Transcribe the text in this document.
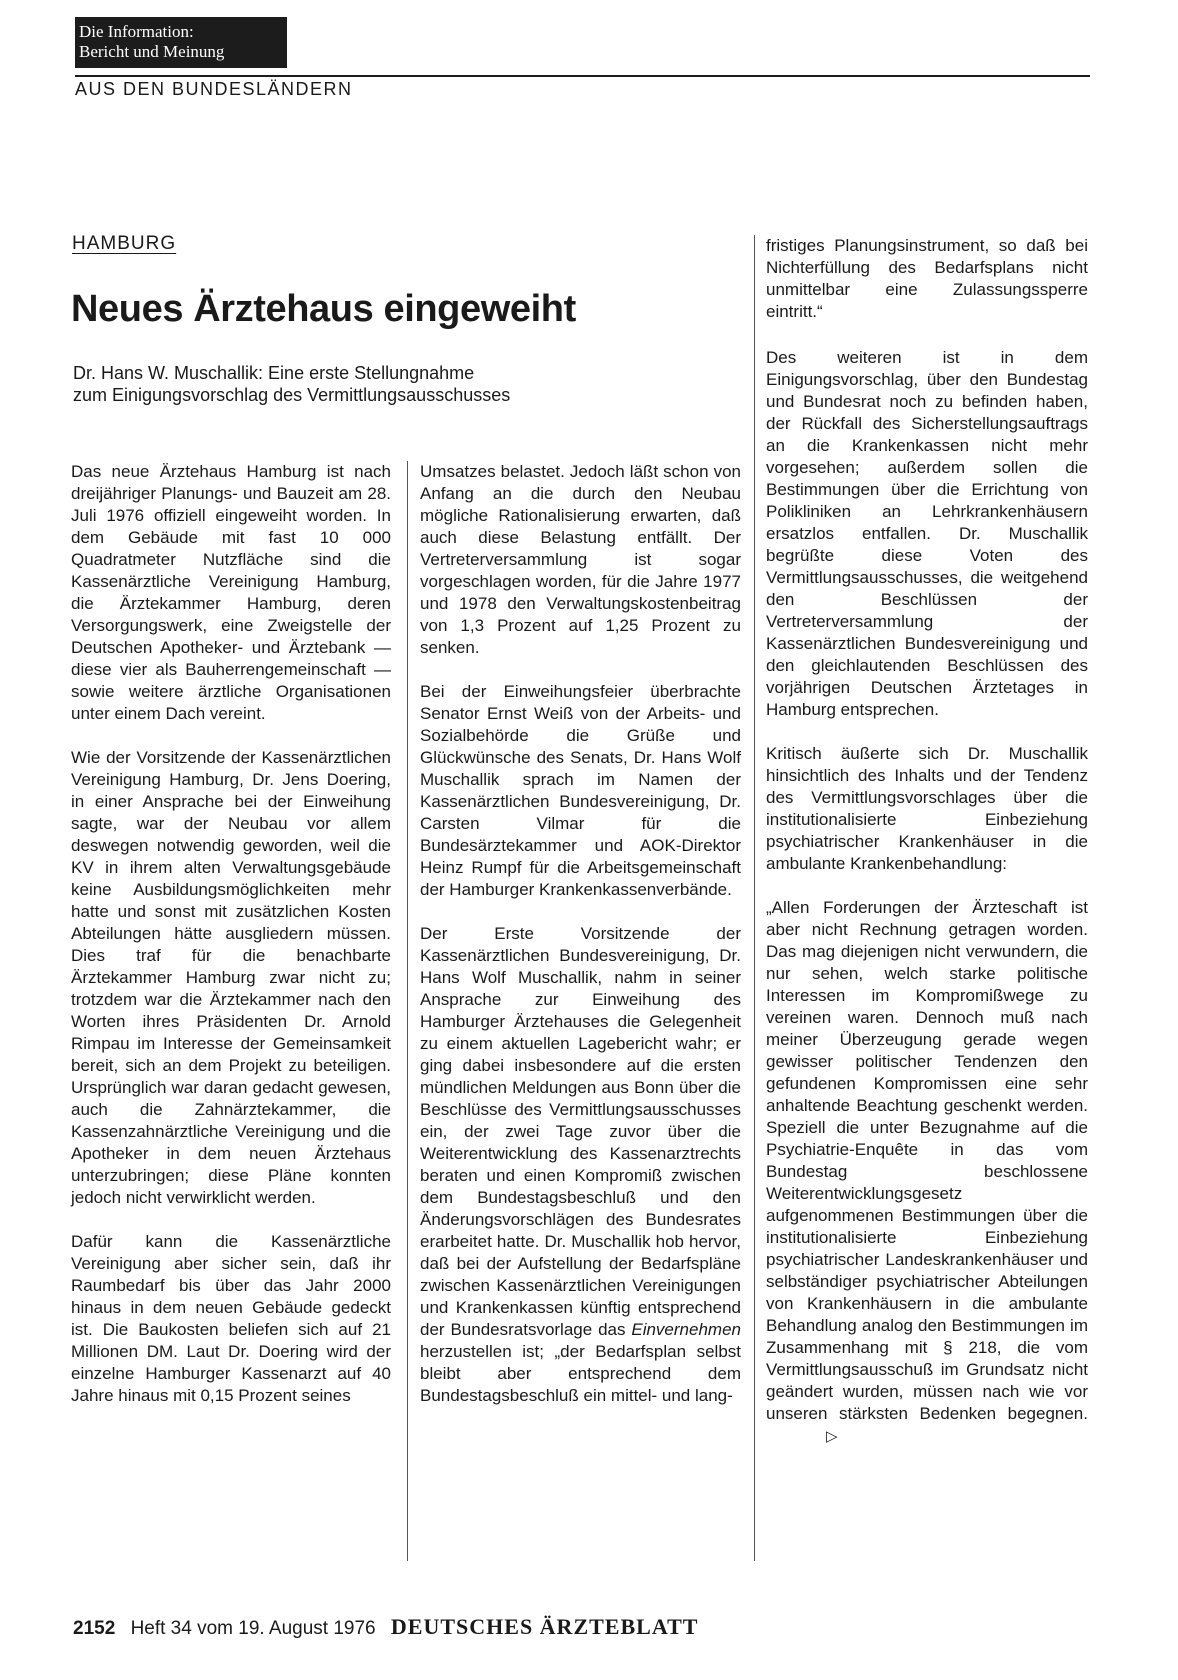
Die Information:
Bericht und Meinung
AUS DEN BUNDESLÄNDERN
HAMBURG
Neues Ärztehaus eingeweiht
Dr. Hans W. Muschallik: Eine erste Stellungnahme
zum Einigungsvorschlag des Vermittlungsausschusses

Das neue Ärztehaus Hamburg ist nach dreijähriger Planungs- und Bauzeit am 28. Juli 1976 offiziell eingeweiht worden. In dem Gebäude mit fast 10 000 Quadratmeter Nutzfläche sind die Kassenärztliche Vereinigung Hamburg, die Ärztekammer Hamburg, deren Versorgungswerk, eine Zweigstelle der Deutschen Apotheker- und Ärztebank — diese vier als Bauherrengemeinschaft — sowie weitere ärztliche Organisationen unter einem Dach vereint.

Wie der Vorsitzende der Kassenärztlichen Vereinigung Hamburg, Dr. Jens Doering, in einer Ansprache bei der Einweihung sagte, war der Neubau vor allem deswegen notwendig geworden, weil die KV in ihrem alten Verwaltungsgebäude keine Ausbildungsmöglichkeiten mehr hatte und sonst mit zusätzlichen Kosten Abteilungen hätte ausgliedern müssen. Dies traf für die benachbarte Ärztekammer Hamburg zwar nicht zu; trotzdem war die Ärztekammer nach den Worten ihres Präsidenten Dr. Arnold Rimpau im Interesse der Gemeinsamkeit bereit, sich an dem Projekt zu beteiligen. Ursprünglich war daran gedacht gewesen, auch die Zahnärztekammer, die Kassenzahnärztliche Vereinigung und die Apotheker in dem neuen Ärztehaus unterzubringen; diese Pläne konnten jedoch nicht verwirklicht werden.

Dafür kann die Kassenärztliche Vereinigung aber sicher sein, daß ihr Raumbedarf bis über das Jahr 2000 hinaus in dem neuen Gebäude gedeckt ist. Die Baukosten beliefen sich auf 21 Millionen DM. Laut Dr. Doering wird der einzelne Hamburger Kassenarzt auf 40 Jahre hinaus mit 0,15 Prozent seines

Umsatzes belastet. Jedoch läßt schon von Anfang an die durch den Neubau mögliche Rationalisierung erwarten, daß auch diese Belastung entfällt. Der Vertreterversammlung ist sogar vorgeschlagen worden, für die Jahre 1977 und 1978 den Verwaltungskostenbeitrag von 1,3 Prozent auf 1,25 Prozent zu senken.

Bei der Einweihungsfeier überbrachte Senator Ernst Weiß von der Arbeits- und Sozialbehörde die Grüße und Glückwünsche des Senats, Dr. Hans Wolf Muschallik sprach im Namen der Kassenärztlichen Bundesvereinigung, Dr. Carsten Vilmar für die Bundesärztekammer und AOK-Direktor Heinz Rumpf für die Arbeitsgemeinschaft der Hamburger Krankenkassenverbände.

Der Erste Vorsitzende der Kassenärztlichen Bundesvereinigung, Dr. Hans Wolf Muschallik, nahm in seiner Ansprache zur Einweihung des Hamburger Ärztehauses die Gelegenheit zu einem aktuellen Lagebericht wahr; er ging dabei insbesondere auf die ersten mündlichen Meldungen aus Bonn über die Beschlüsse des Vermittlungsausschusses ein, der zwei Tage zuvor über die Weiterentwicklung des Kassenarztrechts beraten und einen Kompromiß zwischen dem Bundestagsbeschluß und den Änderungsvorschlägen des Bundesrates erarbeitet hatte. Dr. Muschallik hob hervor, daß bei der Aufstellung der Bedarfspläne zwischen Kassenärztlichen Vereinigungen und Krankenkassen künftig entsprechend der Bundesratsvorlage das Einvernehmen herzustellen ist; „der Bedarfsplan selbst bleibt aber entsprechend dem Bundestagsbeschluß ein mittel- und lang-

fristiges Planungsinstrument, so daß bei Nichterfüllung des Bedarfsplans nicht unmittelbar eine Zulassungssperre eintritt.“

Des weiteren ist in dem Einigungsvorschlag, über den Bundestag und Bundesrat noch zu befinden haben, der Rückfall des Sicherstellungsauftrags an die Krankenkassen nicht mehr vorgesehen; außerdem sollen die Bestimmungen über die Errichtung von Polikliniken an Lehrkrankenhäusern ersatzlos entfallen. Dr. Muschallik begrüßte diese Voten des Vermittlungsausschusses, die weitgehend den Beschlüssen der Vertreterversammlung der Kassenärztlichen Bundesvereinigung und den gleichlautenden Beschlüssen des vorjährigen Deutschen Ärztetages in Hamburg entsprechen.

Kritisch äußerte sich Dr. Muschallik hinsichtlich des Inhalts und der Tendenz des Vermittlungsvorschlages über die institutionalisierte Einbeziehung psychiatrischer Krankenhäuser in die ambulante Krankenbehandlung:

„Allen Forderungen der Ärzteschaft ist aber nicht Rechnung getragen worden. Das mag diejenigen nicht verwundern, die nur sehen, welch starke politische Interessen im Kompromißwege zu vereinen waren. Dennoch muß nach meiner Überzeugung gerade wegen gewisser politischer Tendenzen den gefundenen Kompromissen eine sehr anhaltende Beachtung geschenkt werden. Speziell die unter Bezugnahme auf die Psychiatrie-Enquête in das vom Bundestag beschlossene Weiterentwicklungsgesetz aufgenommenen Bestimmungen über die institutionalisierte Einbeziehung psychiatrischer Landeskrankenhäuser und selbständiger psychiatrischer Abteilungen von Krankenhäusern in die ambulante Behandlung analog den Bestimmungen im Zusammenhang mit § 218, die vom Vermittlungsausschuß im Grundsatz nicht geändert wurden, müssen nach wie vor unseren stärksten Bedenken begegnen.▷

2152 Heft 34 vom 19. August 1976 DEUTSCHES ÄRZTEBLATT
